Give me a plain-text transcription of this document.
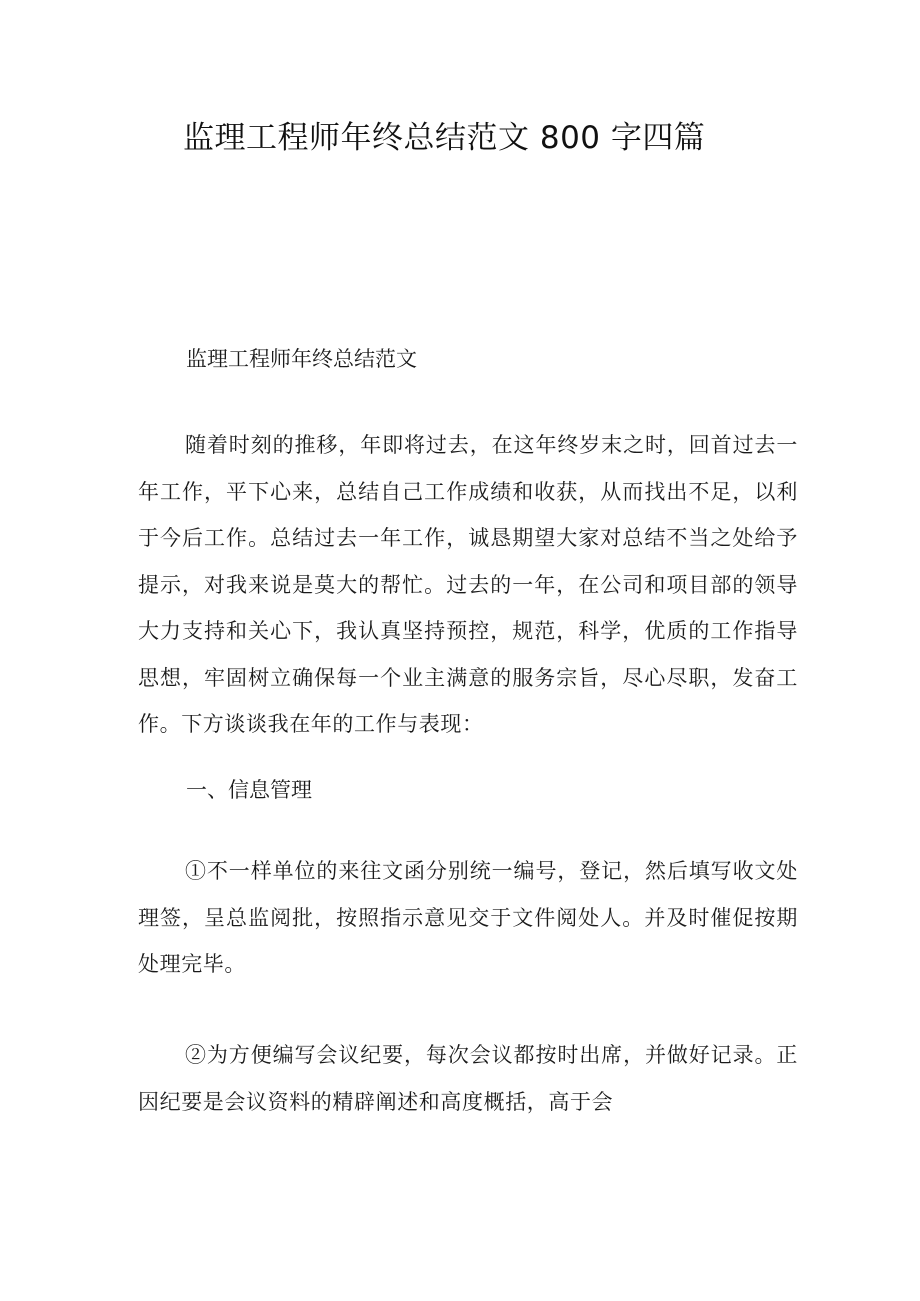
监理工程师年终总结范文 800 字四篇

监理工程师年终总结范文

随着时刻的推移，年即将过去，在这年终岁末之时，回首过去一年工作，平下心来，总结自己工作成绩和收获，从而找出不足，以利于今后工作。总结过去一年工作，诚恳期望大家对总结不当之处给予提示，对我来说是莫大的帮忙。过去的一年，在公司和项目部的领导大力支持和关心下，我认真坚持预控，规范，科学，优质的工作指导思想，牢固树立确保每一个业主满意的服务宗旨，尽心尽职，发奋工作。下方谈谈我在年的工作与表现：

一、信息管理

①不一样单位的来往文函分别统一编号，登记，然后填写收文处理签，呈总监阅批，按照指示意见交于文件阅处人。并及时催促按期处理完毕。

②为方便编写会议纪要，每次会议都按时出席，并做好记录。正因纪要是会议资料的精辟阐述和高度概括，高于会
